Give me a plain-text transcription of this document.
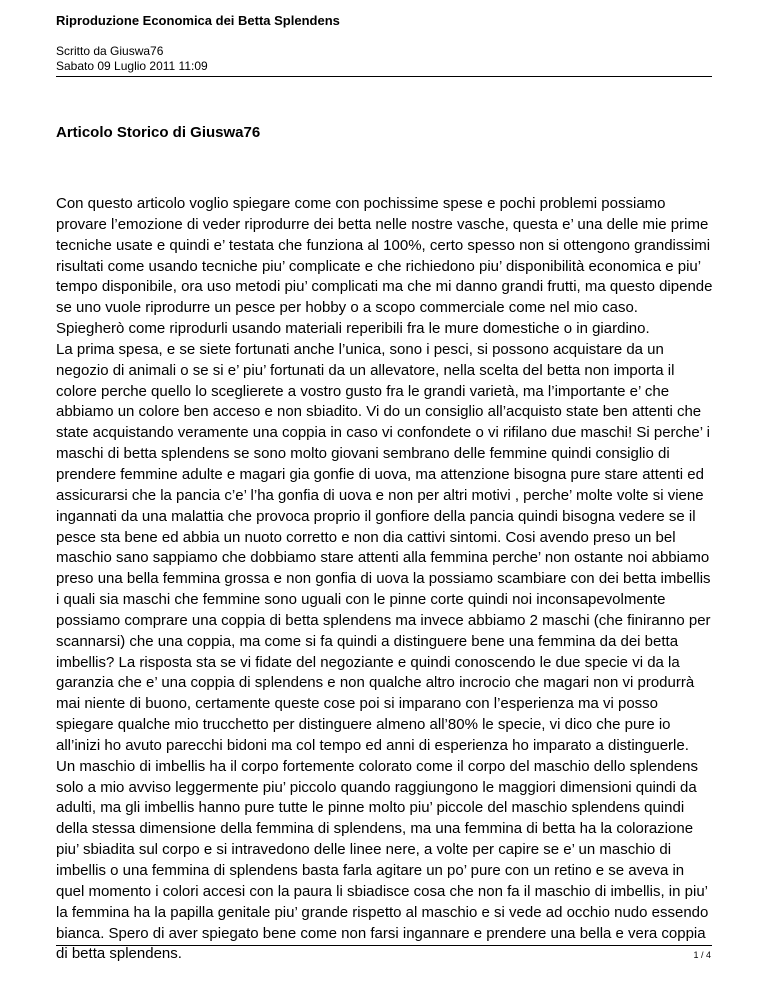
Riproduzione Economica dei Betta Splendens
Scritto da Giuswa76
Sabato 09 Luglio 2011 11:09
Articolo Storico di Giuswa76

Con questo articolo voglio spiegare come con pochissime spese e pochi problemi possiamo provare l’emozione di veder riprodurre dei betta nelle nostre vasche, questa e’ una delle mie prime tecniche usate e quindi e’ testata che funziona al 100%, certo spesso non si ottengono grandissimi risultati come usando tecniche piu’ complicate e che richiedono piu’ disponibilità economica e piu’ tempo disponibile, ora uso metodi piu’ complicati ma che mi danno grandi frutti, ma questo dipende se uno vuole riprodurre un pesce per hobby o a scopo commerciale come nel mio caso.

Spiegherò come riprodurli usando materiali reperibili fra le mure domestiche o in giardino.

La prima spesa, e se siete fortunati anche l’unica, sono i pesci, si possono acquistare da un negozio di animali o se si e’ piu’ fortunati da un allevatore, nella scelta del betta non importa il colore perche quello lo sceglierete a vostro gusto fra le grandi varietà, ma l’importante e’ che abbiamo un colore ben acceso e non sbiadito. Vi do un consiglio all’acquisto state ben attenti che state acquistando veramente una coppia in caso vi confondete o vi rifilano due maschi! Si perche’ i maschi di betta splendens se sono molto giovani sembrano delle femmine quindi consiglio di prendere femmine adulte e magari gia gonfie di uova, ma attenzione bisogna pure stare attenti ed assicurarsi che la pancia c’e’ l’ha gonfia di uova e non per altri motivi , perche’ molte volte si viene ingannati da una malattia che provoca proprio il gonfiore della pancia quindi bisogna vedere se il pesce sta bene ed abbia un nuoto corretto e non dia cattivi sintomi. Cosi avendo preso un bel maschio sano sappiamo che dobbiamo stare attenti alla femmina perche’ non ostante noi abbiamo preso una bella femmina grossa e non gonfia di uova la possiamo scambiare con dei betta imbellis i quali sia maschi che femmine sono uguali con le pinne corte quindi noi inconsapevolmente possiamo comprare una coppia di betta splendens ma invece abbiamo 2 maschi (che finiranno per scannarsi) che una coppia, ma come si fa quindi a distinguere bene una femmina da dei betta imbellis? La risposta sta se vi fidate del negoziante e quindi conoscendo le due specie vi da la garanzia che e’ una coppia di splendens e non qualche altro incrocio che magari non vi produrrà mai niente di buono, certamente queste cose poi si imparano con l’esperienza ma vi posso spiegare qualche mio trucchetto per distinguere almeno all’80% le specie, vi dico che pure io all’inizi ho avuto parecchi bidoni ma col tempo ed anni di esperienza ho imparato a distinguerle.

Un maschio di imbellis ha il corpo fortemente colorato come il corpo del maschio dello splendens solo a mio avviso leggermente piu’ piccolo quando raggiungono le maggiori dimensioni quindi da adulti, ma gli imbellis hanno pure tutte le pinne molto piu’ piccole del maschio splendens quindi della stessa dimensione della femmina di splendens, ma una femmina di betta ha la colorazione piu’ sbiadita sul corpo e si intravedono delle linee nere, a volte per capire se e’ un maschio di imbellis o una femmina di splendens basta farla agitare un po’ pure con un retino e se aveva in quel momento i colori accesi con la paura li sbiadisce cosa che non fa il maschio di imbellis, in piu’ la femmina ha la papilla genitale piu’ grande rispetto al maschio e si vede ad occhio nudo essendo bianca. Spero di aver spiegato bene come non farsi ingannare e prendere una bella e vera coppia di betta splendens.	1 / 4
